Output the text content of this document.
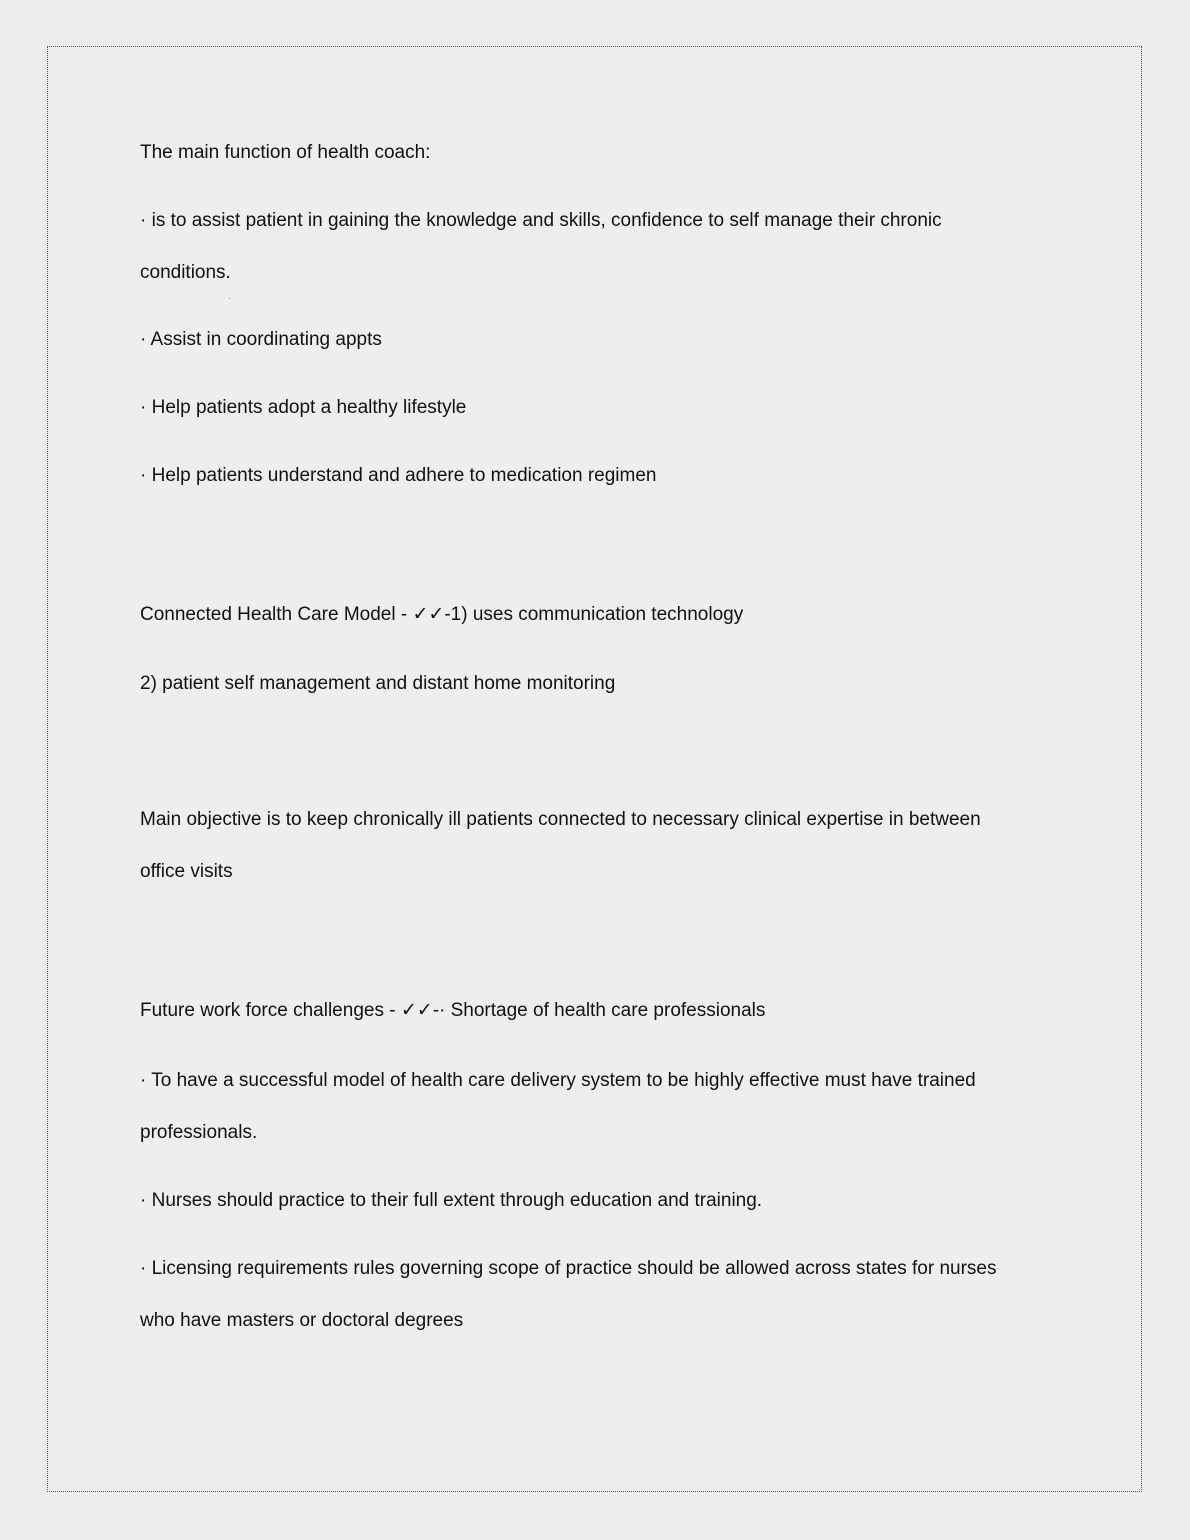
The main function of health coach:
· is to assist patient in gaining the knowledge and skills, confidence to self manage their chronic
conditions.
· Assist in coordinating appts
· Help patients adopt a healthy lifestyle
· Help patients understand and adhere to medication regimen
Connected Health Care Model - ✓✓-1) uses communication technology
2) patient self management and distant home monitoring
Main objective is to keep chronically ill patients connected to necessary clinical expertise in between
office visits
Future work force challenges - ✓✓-· Shortage of health care professionals
· To have a successful model of health care delivery system to be highly effective must have trained
professionals.
· Nurses should practice to their full extent through education and training.
· Licensing requirements rules governing scope of practice should be allowed across states for nurses
who have masters or doctoral degrees
